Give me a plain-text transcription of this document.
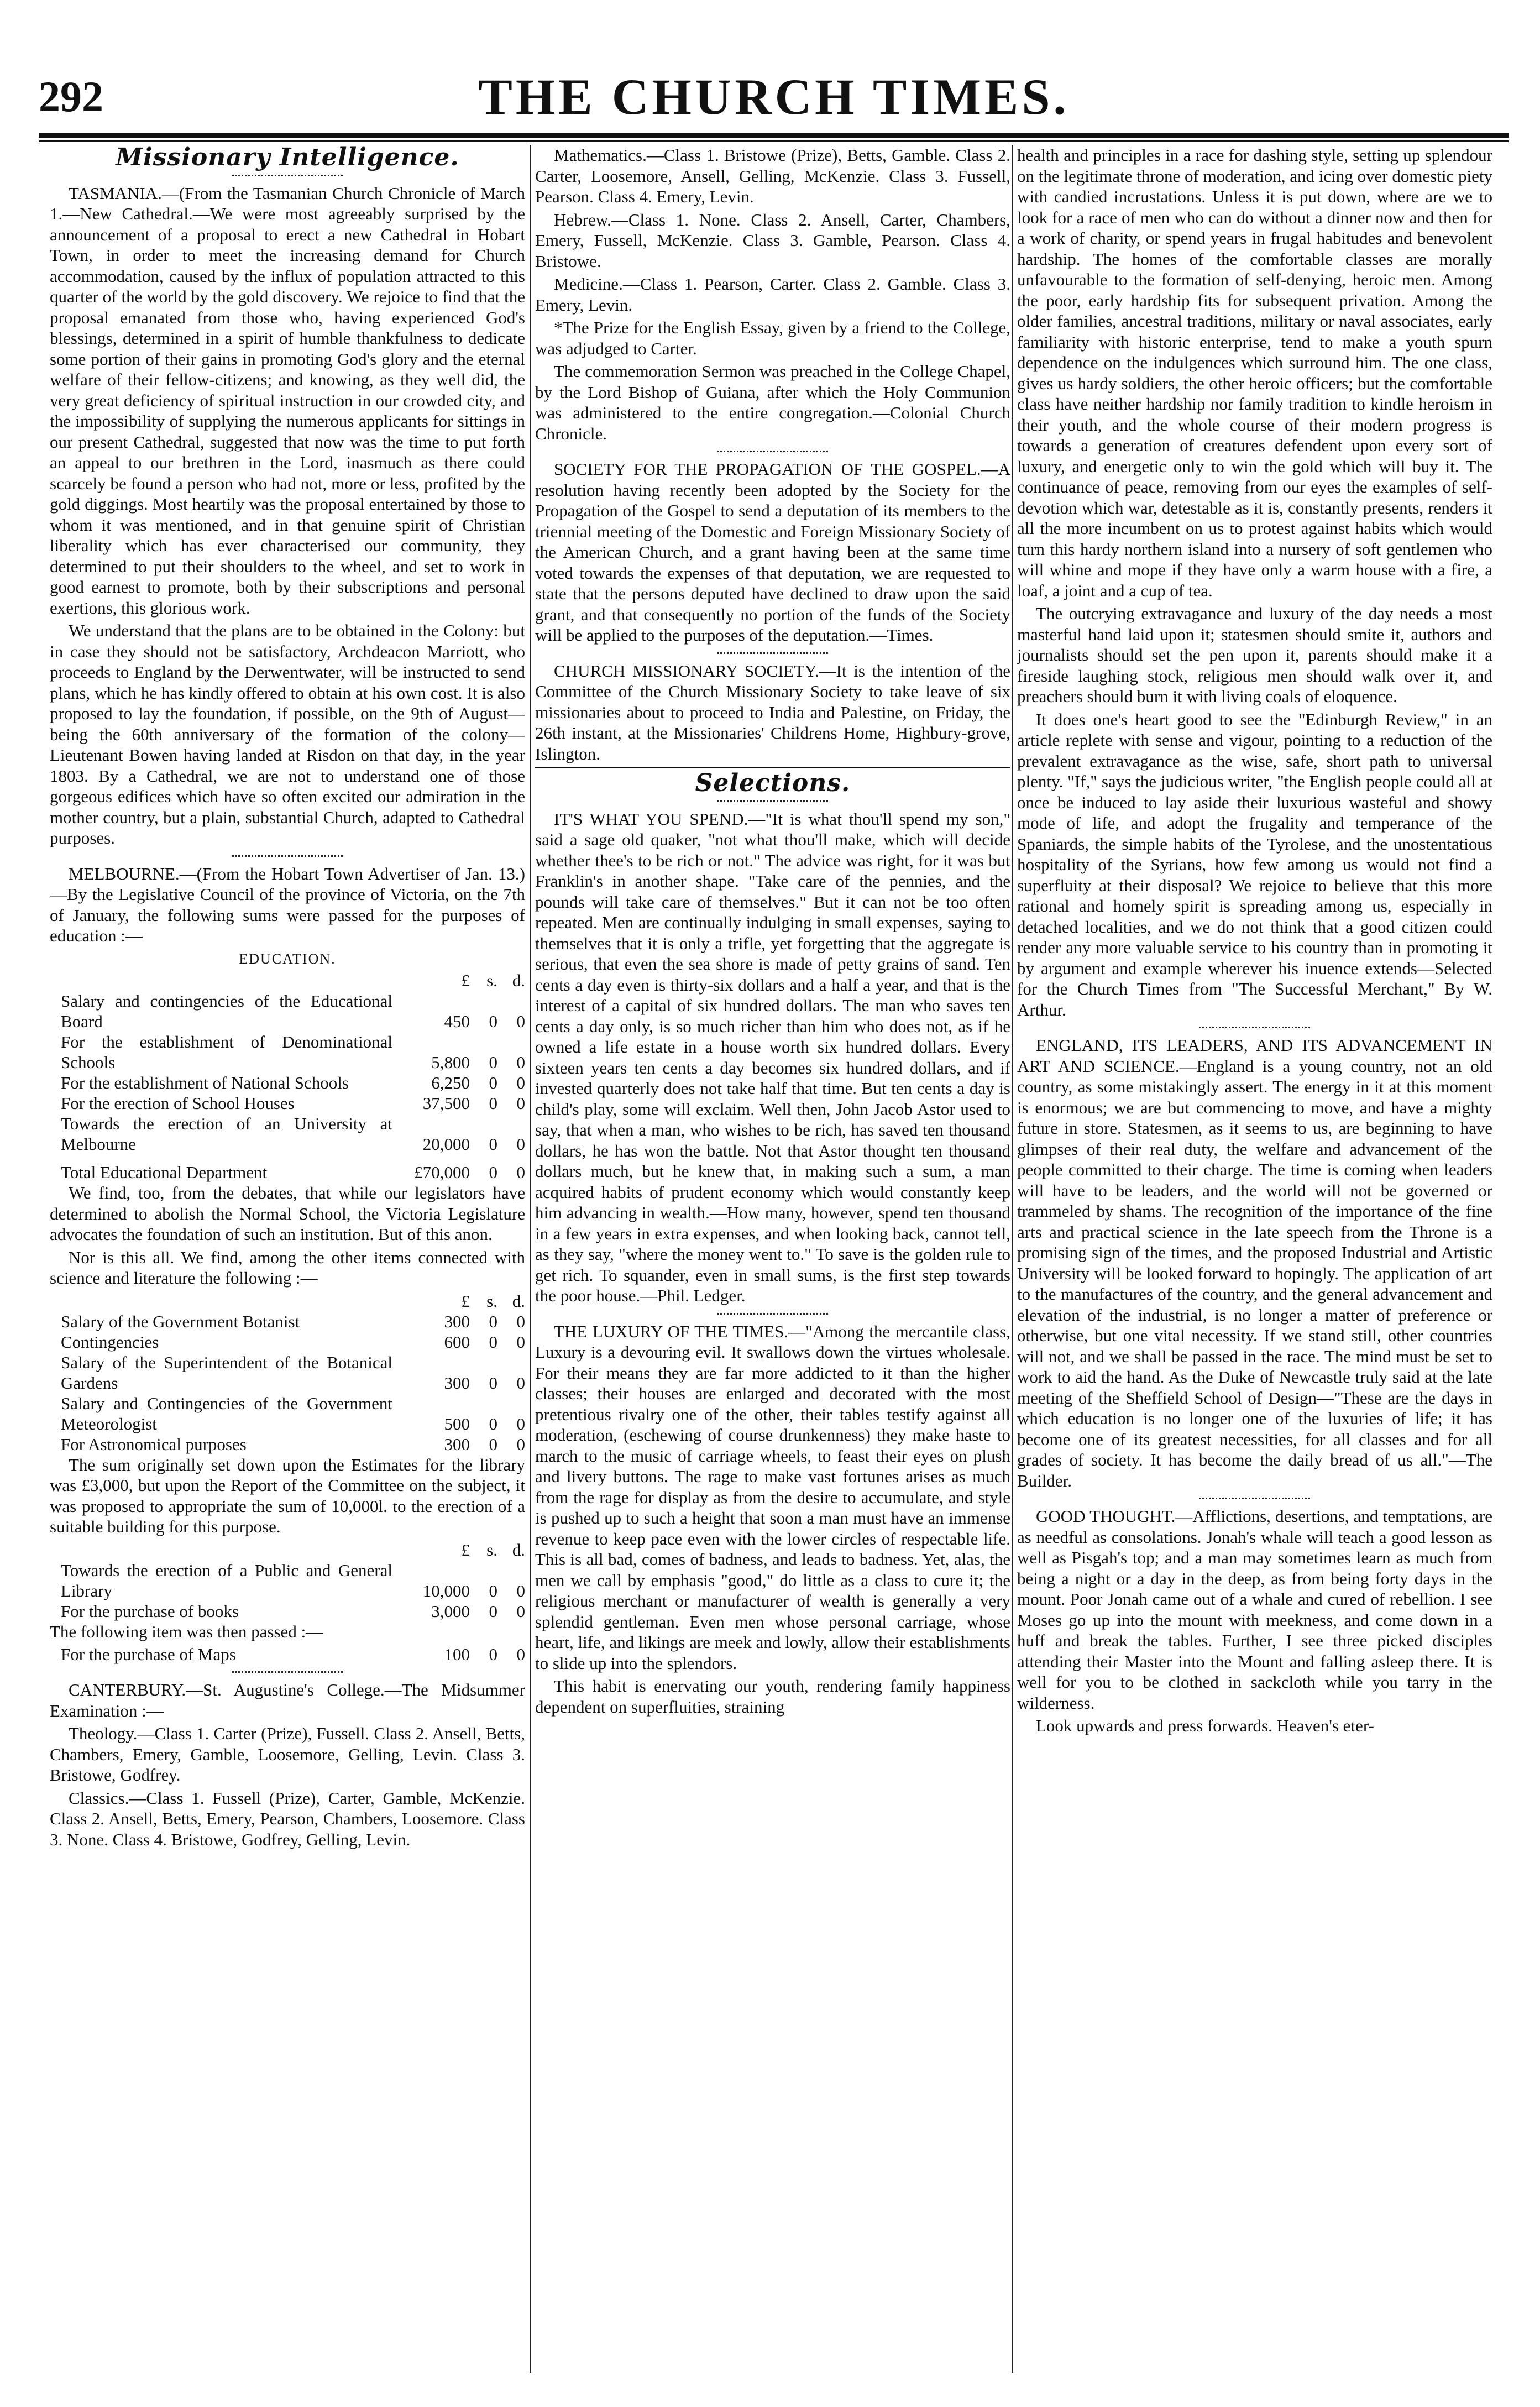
292	THE CHURCH TIMES.
Missionary Intelligence.

TASMANIA.—(From the Tasmanian Church Chronicle of March 1.—New Cathedral.—We were most agreeably surprised by the announcement of a proposal to erect a new Cathedral in Hobart Town, in order to meet the increasing demand for Church accommodation, caused by the influx of population attracted to this quarter of the world by the gold discovery. We rejoice to find that the proposal emanated from those who, having experienced God's blessings, determined in a spirit of humble thankfulness to dedicate some portion of their gains in promoting God's glory and the eternal welfare of their fellow-citizens; and knowing, as they well did, the very great deficiency of spiritual instruction in our crowded city, and the impossibility of supplying the numerous applicants for sittings in our present Cathedral, suggested that now was the time to put forth an appeal to our brethren in the Lord, inasmuch as there could scarcely be found a person who had not, more or less, profited by the gold diggings. Most heartily was the proposal entertained by those to whom it was mentioned, and in that genuine spirit of Christian liberality which has ever characterised our community, they determined to put their shoulders to the wheel, and set to work in good earnest to promote, both by their subscriptions and personal exertions, this glorious work.

We understand that the plans are to be obtained in the Colony: but in case they should not be satisfactory, Archdeacon Marriott, who proceeds to England by the Derwentwater, will be instructed to send plans, which he has kindly offered to obtain at his own cost. It is also proposed to lay the foundation, if possible, on the 9th of August—being the 60th anniversary of the formation of the colony—Lieutenant Bowen having landed at Risdon on that day, in the year 1803. By a Cathedral, we are not to understand one of those gorgeous edifices which have so often excited our admiration in the mother country, but a plain, substantial Church, adapted to Cathedral purposes.

MELBOURNE.—(From the Hobart Town Advertiser of Jan. 13.)—By the Legislative Council of the province of Victoria, on the 7th of January, the following sums were passed for the purposes of education :—

EDUCATION.

	£	s.	d.
Salary and contingencies of the Educational Board	450	0	0
For the establishment of Denominational Schools	5,800	0	0
For the establishment of National Schools	6,250	0	0
For the erection of School Houses	37,500	0	0
Towards the erection of an University at Melbourne	20,000	0	0
Total Educational Department	£70,000	0	0

We find, too, from the debates, that while our legislators have determined to abolish the Normal School, the Victoria Legislature advocates the foundation of such an institution. But of this anon.

Nor is this all. We find, among the other items connected with science and literature the following :—

	£	s.	d.
Salary of the Government Botanist	300	0	0
Contingencies	600	0	0
Salary of the Superintendent of the Botanical Gardens	300	0	0
Salary and Contingencies of the Government Meteorologist	500	0	0
For Astronomical purposes	300	0	0

The sum originally set down upon the Estimates for the library was £3,000, but upon the Report of the Committee on the subject, it was proposed to appropriate the sum of 10,000l. to the erection of a suitable building for this purpose.

	£	s.	d.
Towards the erection of a Public and General Library	10,000	0	0
For the purchase of books	3,000	0	0

The following item was then passed :—

For the purchase of Maps	100	0	0

CANTERBURY.—St. Augustine's College.—The Midsummer Examination :—

Theology.—Class 1. Carter (Prize), Fussell. Class 2. Ansell, Betts, Chambers, Emery, Gamble, Loosemore, Gelling, Levin. Class 3. Bristowe, Godfrey.

Classics.—Class 1. Fussell (Prize), Carter, Gamble, McKenzie. Class 2. Ansell, Betts, Emery, Pearson, Chambers, Loosemore. Class 3. None. Class 4. Bristowe, Godfrey, Gelling, Levin.

Mathematics.—Class 1. Bristowe (Prize), Betts, Gamble. Class 2. Carter, Loosemore, Ansell, Gelling, McKenzie. Class 3. Fussell, Pearson. Class 4. Emery, Levin.

Hebrew.—Class 1. None. Class 2. Ansell, Carter, Chambers, Emery, Fussell, McKenzie. Class 3. Gamble, Pearson. Class 4. Bristowe.

Medicine.—Class 1. Pearson, Carter. Class 2. Gamble. Class 3. Emery, Levin.

*The Prize for the English Essay, given by a friend to the College, was adjudged to Carter.

The commemoration Sermon was preached in the College Chapel, by the Lord Bishop of Guiana, after which the Holy Communion was administered to the entire congregation.—Colonial Church Chronicle.

SOCIETY FOR THE PROPAGATION OF THE GOSPEL.—A resolution having recently been adopted by the Society for the Propagation of the Gospel to send a deputation of its members to the triennial meeting of the Domestic and Foreign Missionary Society of the American Church, and a grant having been at the same time voted towards the expenses of that deputation, we are requested to state that the persons deputed have declined to draw upon the said grant, and that consequently no portion of the funds of the Society will be applied to the purposes of the deputation.—Times.

CHURCH MISSIONARY SOCIETY.—It is the intention of the Committee of the Church Missionary Society to take leave of six missionaries about to proceed to India and Palestine, on Friday, the 26th instant, at the Missionaries' Childrens Home, Highbury-grove, Islington.

Selections.

IT'S WHAT YOU SPEND.—"It is what thou'll spend my son," said a sage old quaker, "not what thou'll make, which will decide whether thee's to be rich or not." The advice was right, for it was but Franklin's in another shape. "Take care of the pennies, and the pounds will take care of themselves." But it can not be too often repeated. Men are continually indulging in small expenses, saying to themselves that it is only a trifle, yet forgetting that the aggregate is serious, that even the sea shore is made of petty grains of sand. Ten cents a day even is thirty-six dollars and a half a year, and that is the interest of a capital of six hundred dollars. The man who saves ten cents a day only, is so much richer than him who does not, as if he owned a life estate in a house worth six hundred dollars. Every sixteen years ten cents a day becomes six hundred dollars, and if invested quarterly does not take half that time. But ten cents a day is child's play, some will exclaim. Well then, John Jacob Astor used to say, that when a man, who wishes to be rich, has saved ten thousand dollars, he has won the battle. Not that Astor thought ten thousand dollars much, but he knew that, in making such a sum, a man acquired habits of prudent economy which would constantly keep him advancing in wealth.—How many, however, spend ten thousand in a few years in extra expenses, and when looking back, cannot tell, as they say, "where the money went to." To save is the golden rule to get rich. To squander, even in small sums, is the first step towards the poor house.—Phil. Ledger.

THE LUXURY OF THE TIMES.—"Among the mercantile class, Luxury is a devouring evil. It swallows down the virtues wholesale. For their means they are far more addicted to it than the higher classes; their houses are enlarged and decorated with the most pretentious rivalry one of the other, their tables testify against all moderation, (eschewing of course drunkenness) they make haste to march to the music of carriage wheels, to feast their eyes on plush and livery buttons. The rage to make vast fortunes arises as much from the rage for display as from the desire to accumulate, and style is pushed up to such a height that soon a man must have an immense revenue to keep pace even with the lower circles of respectable life. This is all bad, comes of badness, and leads to badness. Yet, alas, the men we call by emphasis "good," do little as a class to cure it; the religious merchant or manufacturer of wealth is generally a very splendid gentleman. Even men whose personal carriage, whose heart, life, and likings are meek and lowly, allow their establishments to slide up into the splendors.

This habit is enervating our youth, rendering family happiness dependent on superfluities, straining

health and principles in a race for dashing style, setting up splendour on the legitimate throne of moderation, and icing over domestic piety with candied incrustations. Unless it is put down, where are we to look for a race of men who can do without a dinner now and then for a work of charity, or spend years in frugal habitudes and benevolent hardship. The homes of the comfortable classes are morally unfavourable to the formation of self-denying, heroic men. Among the poor, early hardship fits for subsequent privation. Among the older families, ancestral traditions, military or naval associates, early familiarity with historic enterprise, tend to make a youth spurn dependence on the indulgences which surround him. The one class, gives us hardy soldiers, the other heroic officers; but the comfortable class have neither hardship nor family tradition to kindle heroism in their youth, and the whole course of their modern progress is towards a generation of creatures defendent upon every sort of luxury, and energetic only to win the gold which will buy it. The continuance of peace, removing from our eyes the examples of self-devotion which war, detestable as it is, constantly presents, renders it all the more incumbent on us to protest against habits which would turn this hardy northern island into a nursery of soft gentlemen who will whine and mope if they have only a warm house with a fire, a loaf, a joint and a cup of tea.

The outcrying extravagance and luxury of the day needs a most masterful hand laid upon it; statesmen should smite it, authors and journalists should set the pen upon it, parents should make it a fireside laughing stock, religious men should walk over it, and preachers should burn it with living coals of eloquence.

It does one's heart good to see the "Edinburgh Review," in an article replete with sense and vigour, pointing to a reduction of the prevalent extravagance as the wise, safe, short path to universal plenty. "If," says the judicious writer, "the English people could all at once be induced to lay aside their luxurious wasteful and showy mode of life, and adopt the frugality and temperance of the Spaniards, the simple habits of the Tyrolese, and the unostentatious hospitality of the Syrians, how few among us would not find a superfluity at their disposal? We rejoice to believe that this more rational and homely spirit is spreading among us, especially in detached localities, and we do not think that a good citizen could render any more valuable service to his country than in promoting it by argument and example wherever his inuence extends—Selected for the Church Times from "The Successful Merchant," By W. Arthur.

ENGLAND, ITS LEADERS, AND ITS ADVANCEMENT IN ART AND SCIENCE.—England is a young country, not an old country, as some mistakingly assert. The energy in it at this moment is enormous; we are but commencing to move, and have a mighty future in store. Statesmen, as it seems to us, are beginning to have glimpses of their real duty, the welfare and advancement of the people committed to their charge. The time is coming when leaders will have to be leaders, and the world will not be governed or trammeled by shams. The recognition of the importance of the fine arts and practical science in the late speech from the Throne is a promising sign of the times, and the proposed Industrial and Artistic University will be looked forward to hopingly. The application of art to the manufactures of the country, and the general advancement and elevation of the industrial, is no longer a matter of preference or otherwise, but one vital necessity. If we stand still, other countries will not, and we shall be passed in the race. The mind must be set to work to aid the hand. As the Duke of Newcastle truly said at the late meeting of the Sheffield School of Design—"These are the days in which education is no longer one of the luxuries of life; it has become one of its greatest necessities, for all classes and for all grades of society. It has become the daily bread of us all."—The Builder.

GOOD THOUGHT.—Afflictions, desertions, and temptations, are as needful as consolations. Jonah's whale will teach a good lesson as well as Pisgah's top; and a man may sometimes learn as much from being a night or a day in the deep, as from being forty days in the mount. Poor Jonah came out of a whale and cured of rebellion. I see Moses go up into the mount with meekness, and come down in a huff and break the tables. Further, I see three picked disciples attending their Master into the Mount and falling asleep there. It is well for you to be clothed in sackcloth while you tarry in the wilderness.

Look upwards and press forwards. Heaven's eter-
